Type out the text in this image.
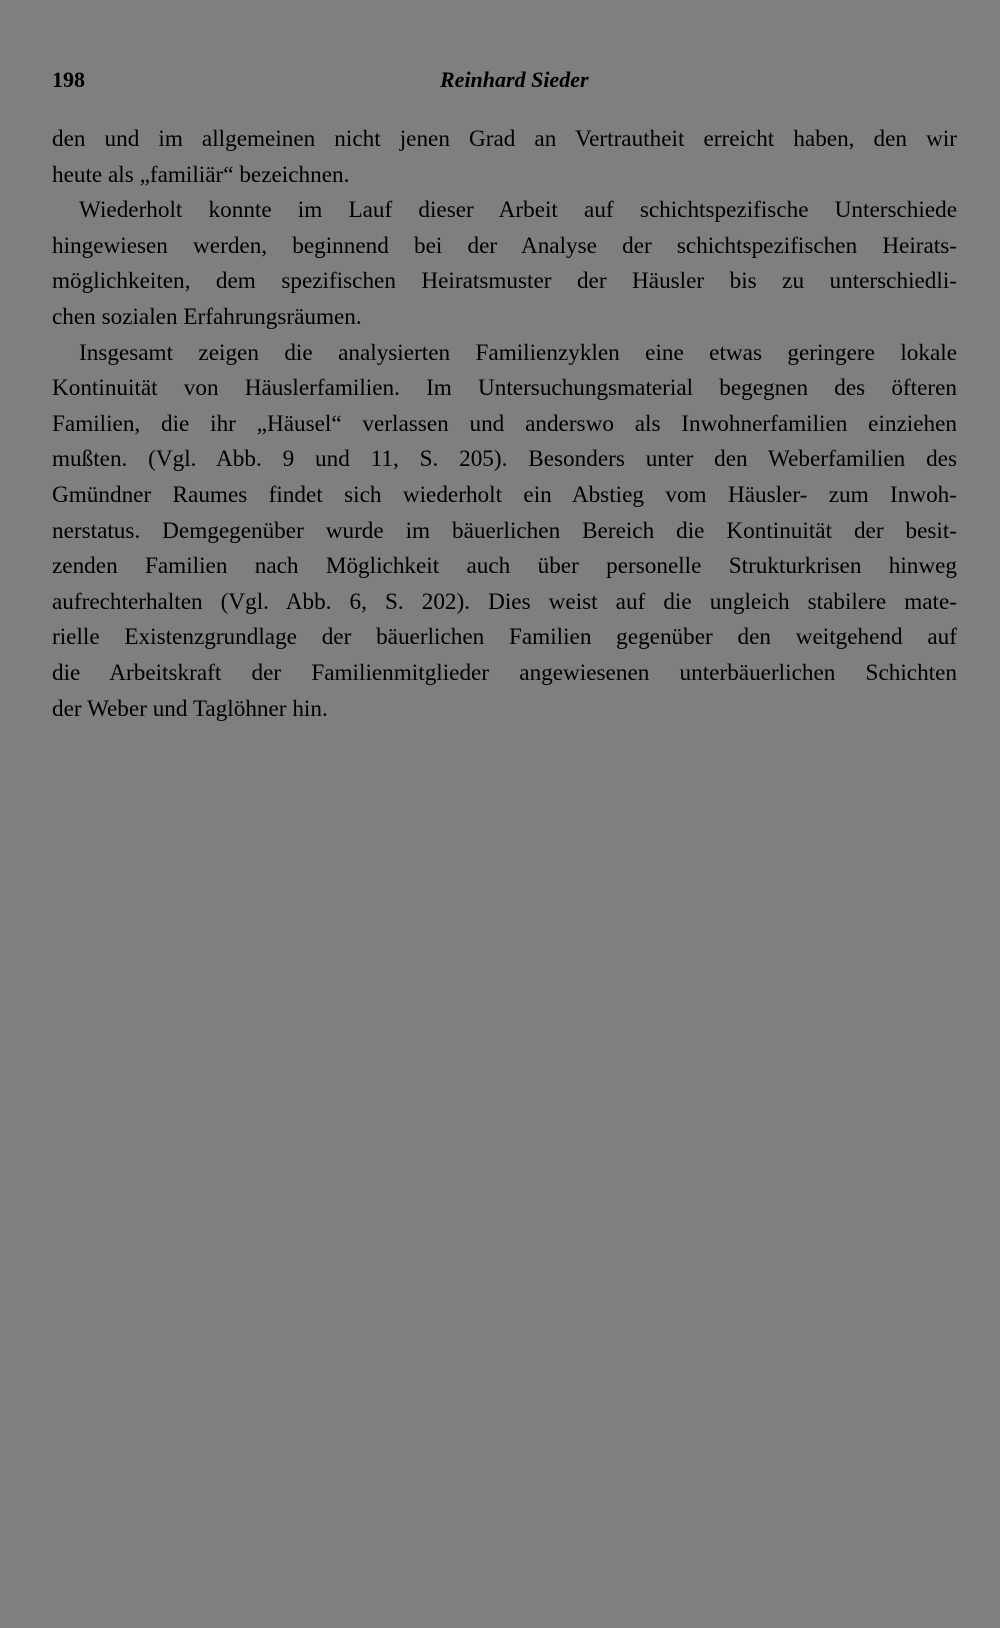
198	Reinhard Sieder

den und im allgemeinen nicht jenen Grad an Vertrautheit erreicht haben, den wir
heute als „familiär“ bezeichnen.

Wiederholt konnte im Lauf dieser Arbeit auf schichtspezifische Unterschiede
hingewiesen werden, beginnend bei der Analyse der schichtspezifischen Heirats-
möglichkeiten, dem spezifischen Heiratsmuster der Häusler bis zu unterschiedli-
chen sozialen Erfahrungsräumen.

Insgesamt zeigen die analysierten Familienzyklen eine etwas geringere lokale
Kontinuität von Häuslerfamilien. Im Untersuchungsmaterial begegnen des öfteren
Familien, die ihr „Häusel“ verlassen und anderswo als Inwohnerfamilien einziehen
mußten. (Vgl. Abb. 9 und 11, S. 205). Besonders unter den Weberfamilien des
Gmündner Raumes findet sich wiederholt ein Abstieg vom Häusler- zum Inwoh-
nerstatus. Demgegenüber wurde im bäuerlichen Bereich die Kontinuität der besit-
zenden Familien nach Möglichkeit auch über personelle Strukturkrisen hinweg
aufrechterhalten (Vgl. Abb. 6, S. 202). Dies weist auf die ungleich stabilere mate-
rielle Existenzgrundlage der bäuerlichen Familien gegenüber den weitgehend auf
die Arbeitskraft der Familienmitglieder angewiesenen unterbäuerlichen Schichten
der Weber und Taglöhner hin.
